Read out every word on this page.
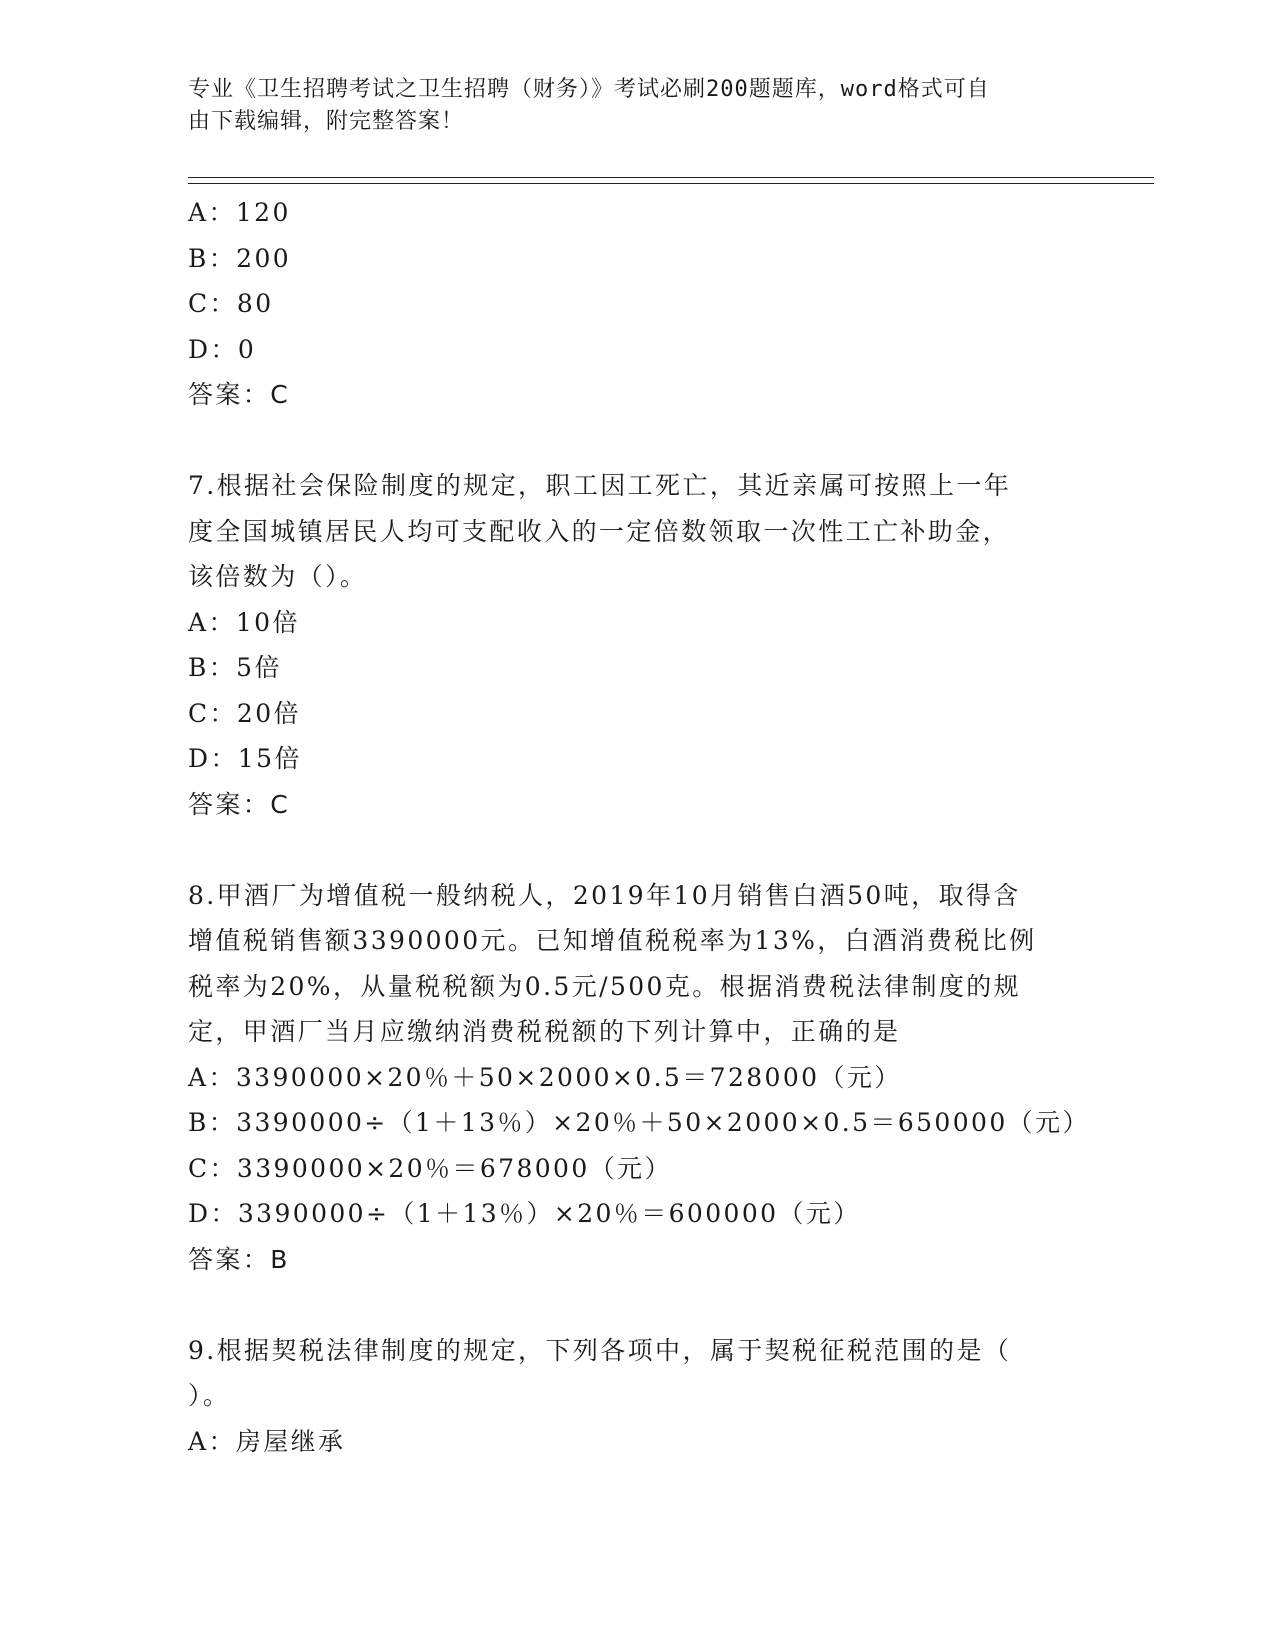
专业《卫生招聘考试之卫生招聘（财务）》考试必刷200题题库，word格式可自
由下载编辑，附完整答案！
A：120
B：200
C：80
D：0
答案：C
7.根据社会保险制度的规定，职工因工死亡，其近亲属可按照上一年
度全国城镇居民人均可支配收入的一定倍数领取一次性工亡补助金，
该倍数为（）。
A：10倍
B：5倍
C：20倍
D：15倍
答案：C
8.甲酒厂为增值税一般纳税人，2019年10月销售白酒50吨，取得含
增值税销售额3390000元。已知增值税税率为13%，白酒消费税比例
税率为20%，从量税税额为0.5元/500克。根据消费税法律制度的规
定，甲酒厂当月应缴纳消费税税额的下列计算中，正确的是
A：3390000×20％＋50×2000×0.5＝728000（元）
B：3390000÷（1＋13％）×20％＋50×2000×0.5＝650000（元）
C：3390000×20％＝678000（元）
D：3390000÷（1＋13％）×20％＝600000（元）
答案：B
9.根据契税法律制度的规定，下列各项中，属于契税征税范围的是（
）。
A：房屋继承
